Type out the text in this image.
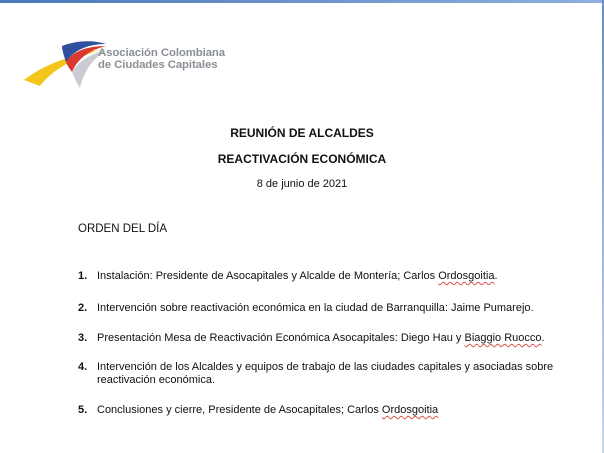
Asociación Colombiana
de Ciudades Capitales
REUNIÓN DE ALCALDES
REACTIVACIÓN ECONÓMICA
8 de junio de 2021
ORDEN DEL DÍA
1. Instalación: Presidente de Asocapitales y Alcalde de Montería; Carlos Ordosgoitia.
2. Intervención sobre reactivación económica en la ciudad de Barranquilla: Jaime Pumarejo.
3. Presentación Mesa de Reactivación Económica Asocapitales: Diego Hau y Biaggio Ruocco.
4. Intervención de los Alcaldes y equipos de trabajo de las ciudades capitales y asociadas sobre reactivación económica.
5. Conclusiones y cierre, Presidente de Asocapitales; Carlos Ordosgoitia
